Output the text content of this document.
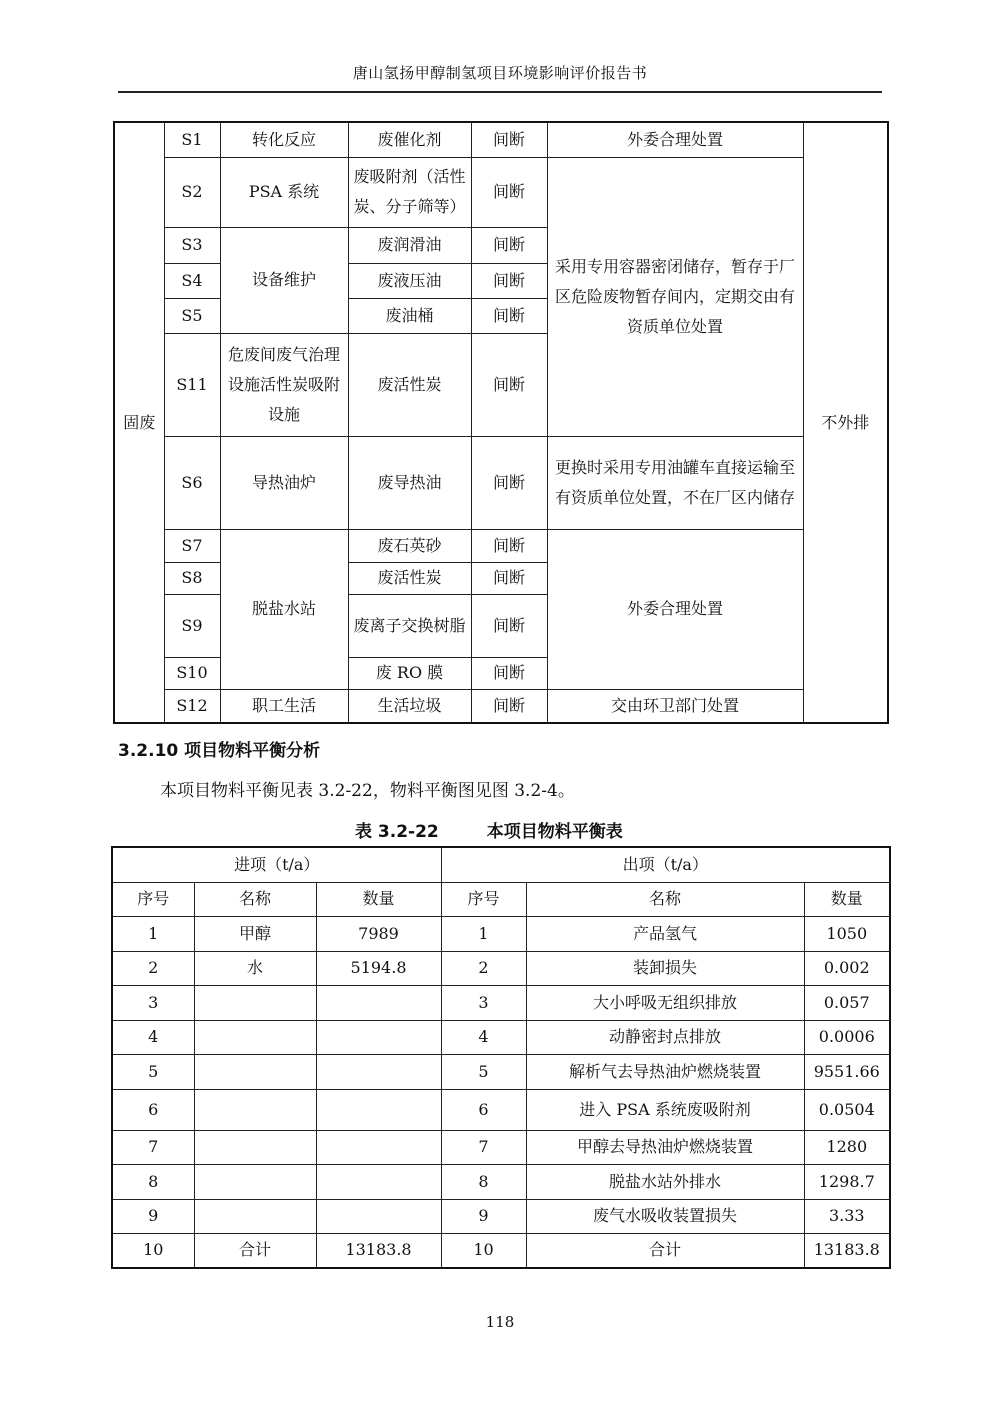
唐山氢扬甲醇制氢项目环境影响评价报告书
固废	S1	转化反应	废催化剂	间断	外委合理处置	不外排
	S2	PSA 系统	废吸附剂（活性炭、分子筛等）	间断	采用专用容器密闭储存，暂存于厂区危险废物暂存间内，定期交由有资质单位处置	
	S3	设备维护	废润滑油	间断		
	S4		废液压油	间断		
	S5		废油桶	间断		
	S11	危废间废气治理设施活性炭吸附设施	废活性炭	间断		
	S6	导热油炉	废导热油	间断	更换时采用专用油罐车直接运输至有资质单位处置，不在厂区内储存	
	S7	脱盐水站	废石英砂	间断	外委合理处置	
	S8		废活性炭	间断		
	S9		废离子交换树脂	间断		
	S10		废 RO 膜	间断		
	S12	职工生活	生活垃圾	间断	交由环卫部门处置	
3.2.10 项目物料平衡分析
本项目物料平衡见表 3.2-22，物料平衡图见图 3.2-4。
表 3.2-22	本项目物料平衡表
进项（t/a）			出项（t/a）		
序号	名称	数量	序号	名称	数量
1	甲醇	7989	1	产品氢气	1050
2	水	5194.8	2	装卸损失	0.002
3			3	大小呼吸无组织排放	0.057
4			4	动静密封点排放	0.0006
5			5	解析气去导热油炉燃烧装置	9551.66
6			6	进入 PSA 系统废吸附剂	0.0504
7			7	甲醇去导热油炉燃烧装置	1280
8			8	脱盐水站外排水	1298.7
9			9	废气水吸收装置损失	3.33
10	合计	13183.8	10	合计	13183.8
118
